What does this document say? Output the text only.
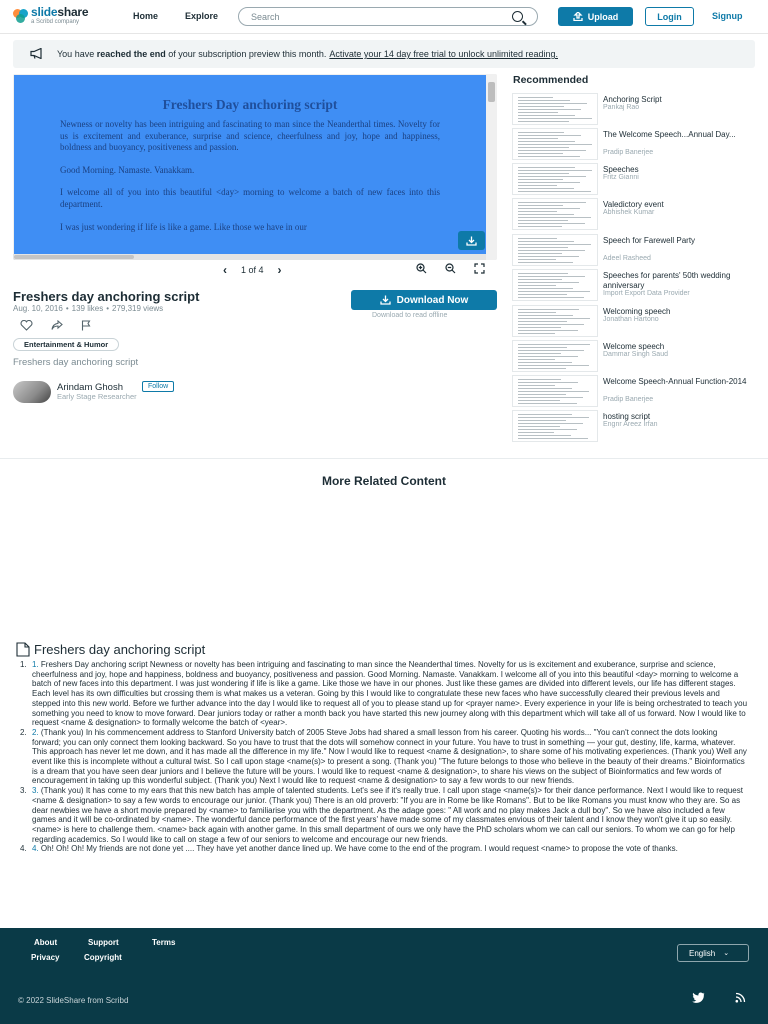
slideshare
a Scribd company
Home	Explore	Search	Upload	Login	Signup
You have
reached the end
of your subscription preview this month. Activate your 14 day free trial to unlock unlimited reading.
Freshers Day anchoring script

Newness or novelty has been intriguing and fascinating to man since the Neanderthal times. Novelty for us is excitement and exuberance, surprise and science, cheerfulness and joy, hope and happiness, boldness and buoyancy, positiveness and passion.

Good Morning. Namaste. Vanakkam.

I welcome all of you into this beautiful <day> morning to welcome a batch of new faces into this department.

I was just wondering if life is like a game. Like those we have in our

‹ 1 of 4 ›
Freshers day anchoring script
Aug. 10, 2016 • 139 likes • 279,319 views
Download Now
Download to read offline
Entertainment & Humor
Freshers day anchoring script
Arindam Ghosh	Follow
Early Stage Researcher
Recommended
Anchoring Script
Pankaj Rao
The Welcome Speech...Annual Day...
Pradip Banerjee
Speeches
Fritz Gianni
Valedictory event
Abhishek Kumar
Speech for Farewell Party
Adeel Rasheed
Speeches for parents' 50th wedding anniversary
Import Export Data Provider
Welcoming speech
Jonathan Hartono
Welcome speech
Dammar Singh Saud
Welcome Speech-Annual Function-2014
Pradip Banerjee
hosting script
Engnr Areez Irfan
More Related Content
Freshers day anchoring script
1. 1. Freshers Day anchoring script Newness or novelty has been intriguing and fascinating to man since the Neanderthal times. Novelty for us is excitement and exuberance, surprise and science, cheerfulness and joy, hope and happiness, boldness and buoyancy, positiveness and passion. Good Morning. Namaste. Vanakkam. I welcome all of you into this beautiful <day> morning to welcome a batch of new faces into this department. I was just wondering if life is like a game. Like those we have in our phones. Just like these games are divided into different levels, our life has different stages. Each level has its own difficulties but crossing them is what makes us a veteran. Going by this I would like to congratulate these new faces who have successfully cleared their previous levels and stepped into this new world. Before we further advance into the day I would like to request all of you to please stand up for <prayer name>. Every experience in your life is being orchestrated to teach you something you need to know to move forward. Dear juniors today or rather a month back you have started this new journey along with this department which will take all of us forward. Now I would like to request <name & designation> to formally welcome the batch of <year>.
2. 2. (Thank you) In his commencement address to Stanford University batch of 2005 Steve Jobs had shared a small lesson from his career. Quoting his words... "You can't connect the dots looking forward; you can only connect them looking backward. So you have to trust that the dots will somehow connect in your future. You have to trust in something — your gut, destiny, life, karma, whatever. This approach has never let me down, and it has made all the difference in my life." Now I would like to request <name & designation>, to share some of his motivating experiences. (Thank you) Well any event like this is incomplete without a cultural twist. So I call upon stage <name(s)> to present a song. (Thank you) "The future belongs to those who believe in the beauty of their dreams." Bioinformatics is a dream that you have seen dear juniors and I believe the future will be yours. I would like to request <name & designation>, to share his views on the subject of Bioinformatics and few words of encouragement in taking up this wonderful subject. (Thank you) Next I would like to request <name & designation> to say a few words to our new friends.
3. 3. (Thank you) It has come to my ears that this new batch has ample of talented students. Let's see if it's really true. I call upon stage <name(s)> for their dance performance. Next I would like to request <name & designation> to say a few words to encourage our junior. (Thank you) There is an old proverb: "If you are in Rome be like Romans". But to be like Romans you must know who they are. So as dear newbies we have a short movie prepared by <name> to familiarise you with the department. As the adage goes: " All work and no play makes Jack a dull boy". So we have also included a few games and it will be co-ordinated by <name>. The wonderful dance performance of the first years' have made some of my classmates envious of their talent and I know they won't give it up so easily. <name> is here to challenge them. <name> back again with another game. In this small department of ours we only have the PhD scholars whom we can call our seniors. To whom we can go for help regarding academics. So I would like to call on stage a few of our seniors to welcome and encourage our new friends.
4. 4. Oh! Oh! Oh! My friends are not done yet .... They have yet another dance lined up. We have come to the end of the program. I would request <name> to propose the vote of thanks.
About	Support	Terms
Privacy	Copyright	English ⌄
© 2022 SlideShare from Scribd
